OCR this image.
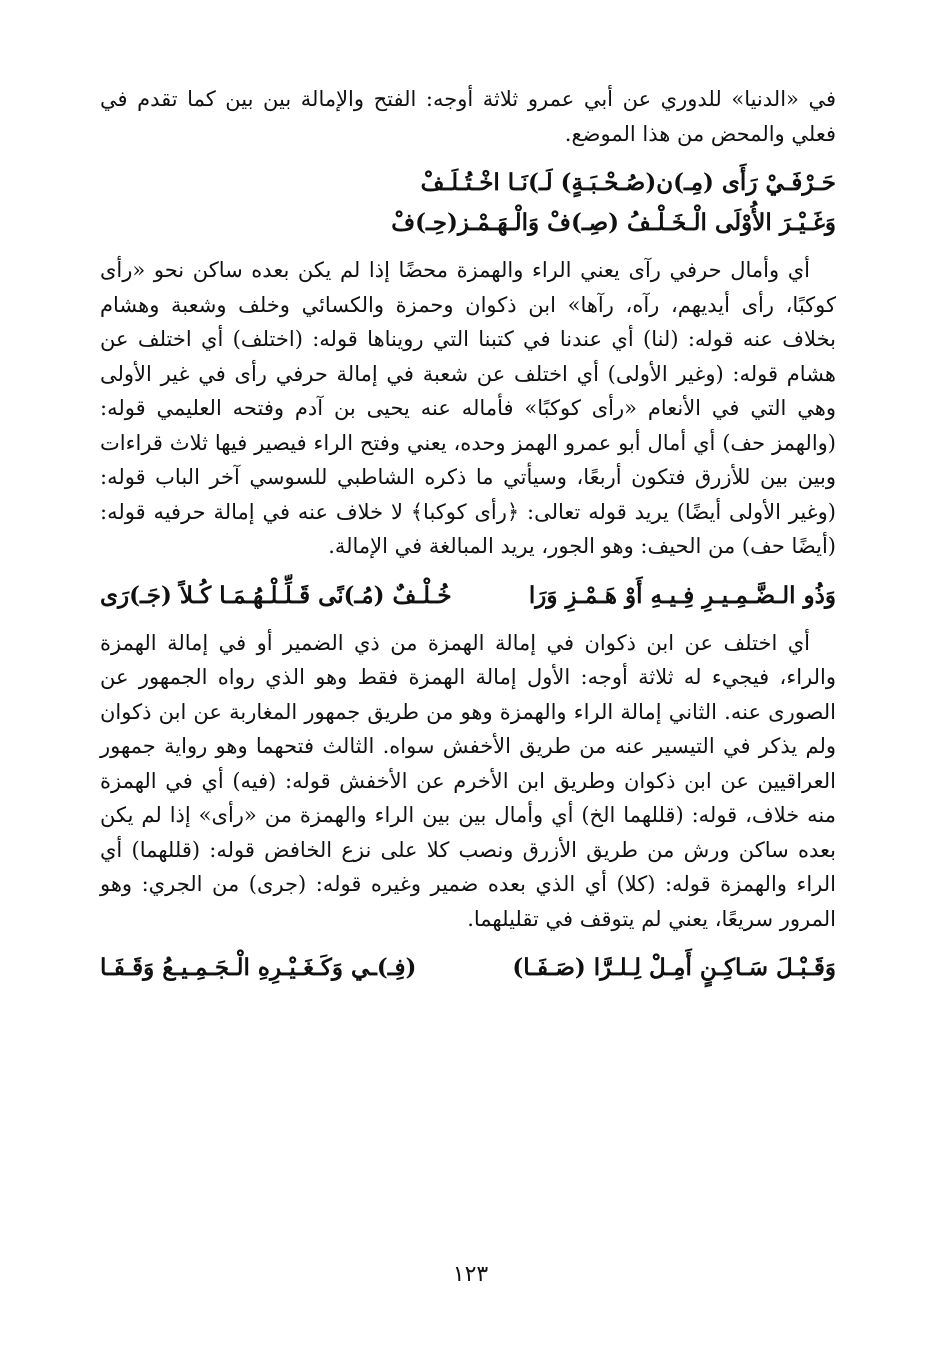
في «الدنيا» للدوري عن أبي عمرو ثلاثة أوجه: الفتح والإمالة بين بين كما تقدم في فعلي والمحض من هذا الموضع.

حَـرْفَـيْ رَأَى (مِـ)ن(صُـحْـبَـةٍ) لَـ)نَـا اخْـتُـلَـفْ
وَغَـيْـرَ الأُوْلَى الْـخَـلْـفُ (صِـ)فْ وَالْـهَـمْـز(حِـ)فْ

أي وأمال حرفي رآى يعني الراء والهمزة محضًا إذا لم يكن بعده ساكن نحو «رأى كوكبًا، رأى أيديهم، رآه، رآها» ابن ذكوان وحمزة والكسائي وخلف وشعبة وهشام بخلاف عنه قوله: (لنا) أي عندنا في كتبنا التي رويناها قوله: (اختلف) أي اختلف عن هشام قوله: (وغير الأولى) أي اختلف عن شعبة في إمالة حرفي رأى في غير الأولى وهي التي في الأنعام «رأى كوكبًا» فأماله عنه يحيى بن آدم وفتحه العليمي قوله: (والهمز حف) أي أمال أبو عمرو الهمز وحده، يعني وفتح الراء فيصير فيها ثلاث قراءات وبين بين للأزرق فتكون أربعًا، وسيأتي ما ذكره الشاطبي للسوسي آخر الباب قوله: (وغير الأولى أيضًا) يريد قوله تعالى: ﴿رأى كوكبا﴾ لا خلاف عنه في إمالة حرفيه قوله: (أيضًا حف) من الحيف: وهو الجور، يريد المبالغة في الإمالة.

وَذُو الـضَّـمِـيـرِ فِـيـهِ أَوْ هَـمْـزِ وَرَا
خُـلْـفٌ (مُـ)نًى قَـلِّـلْـهُـمَـا كُـلاً (جَـ)رَى

أي اختلف عن ابن ذكوان في إمالة الهمزة من ذي الضمير أو في إمالة الهمزة والراء، فيجيء له ثلاثة أوجه: الأول إمالة الهمزة فقط وهو الذي رواه الجمهور عن الصورى عنه. الثاني إمالة الراء والهمزة وهو من طريق جمهور المغاربة عن ابن ذكوان ولم يذكر في التيسير عنه من طريق الأخفش سواه. الثالث فتحهما وهو رواية جمهور العراقيين عن ابن ذكوان وطريق ابن الأخرم عن الأخفش قوله: (فيه) أي في الهمزة منه خلاف، قوله: (قللهما الخ) أي وأمال بين بين الراء والهمزة من «رأى» إذا لم يكن بعده ساكن ورش من طريق الأزرق ونصب كلا على نزع الخافض قوله: (قللهما) أي الراء والهمزة قوله: (كلا) أي الذي بعده ضمير وغيره قوله: (جرى) من الجري: وهو المرور سريعًا، يعني لم يتوقف في تقليلهما.

وَقَـبْـلَ سَـاكِـنٍ أَمِـلْ لِـلـرَّا (صَـفَـا)
(فِـ)ـي وَكَـغَـيْـرِهِ الْـجَـمِـيـعُ وَقَـفَـا
١٢٣
